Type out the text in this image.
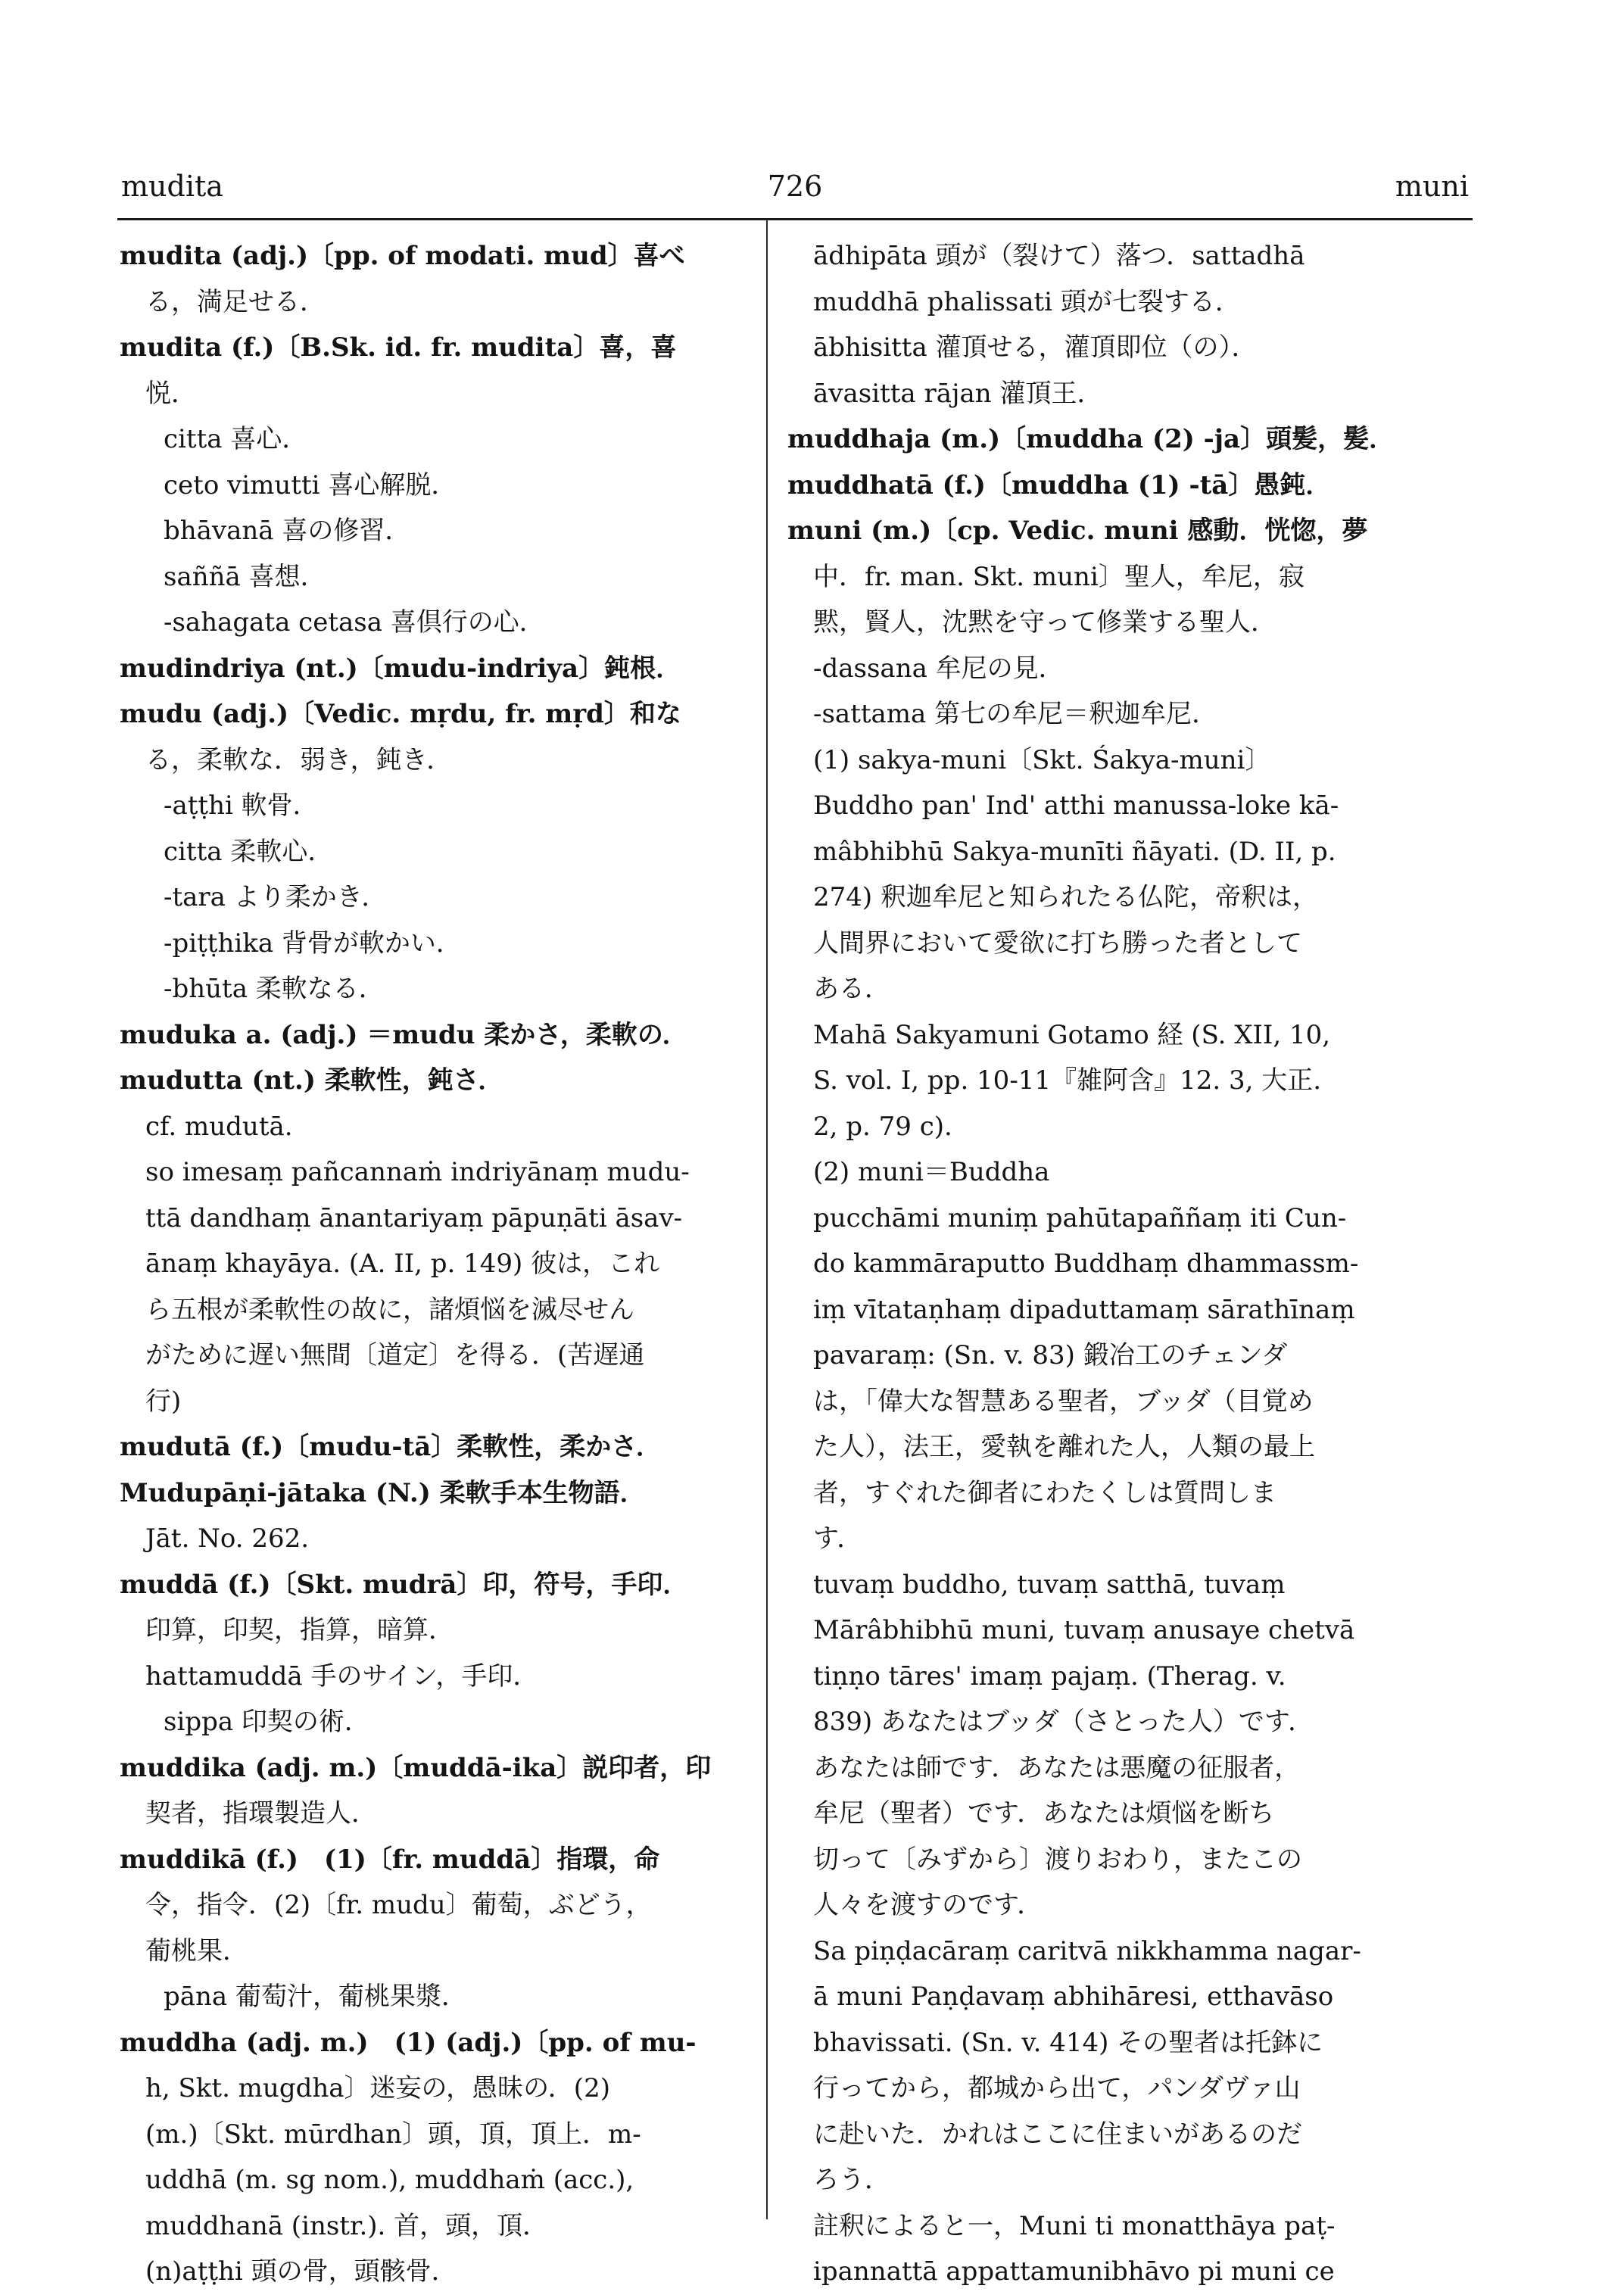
mudita	726	muni
mudita (adj.)〔pp. of modati. mud〕喜べ
る，満足せる．
mudita (f.)〔B.Sk. id. fr. mudita〕喜，喜
悦．
citta 喜心．
ceto vimutti 喜心解脱．
bhāvanā 喜の修習．
saññā 喜想．
-sahagata cetasa 喜倶行の心．
mudindriya (nt.)〔mudu-indriya〕鈍根．
mudu (adj.)〔Vedic. mṛdu, fr. mṛd〕和な
る，柔軟な．弱き，鈍き．
-aṭṭhi 軟骨．
citta 柔軟心．
-tara より柔かき．
-piṭṭhika 背骨が軟かい．
-bhūta 柔軟なる．
muduka a. (adj.) ＝mudu 柔かさ，柔軟の．
mudutta (nt.) 柔軟性，鈍さ．
cf. mudutā.
so imesaṃ pañcannaṁ indriyānaṃ mudu-
ttā dandhaṃ ānantariyaṃ pāpuṇāti āsav-
ānaṃ khayāya. (A. II, p. 149) 彼は，これ
ら五根が柔軟性の故に，諸煩悩を滅尽せん
がために遅い無間〔道定〕を得る．(苦遅通
行)
mudutā (f.)〔mudu-tā〕柔軟性，柔かさ．
Mudupāṇi-jātaka (N.) 柔軟手本生物語．
Jāt. No. 262.
muddā (f.)〔Skt. mudrā〕印，符号，手印．
印算，印契，指算，暗算．
hattamuddā 手のサイン，手印．
sippa 印契の術．
muddika (adj. m.)〔muddā-ika〕説印者，印
契者，指環製造人．
muddikā (f.)　(1)〔fr. muddā〕指環，命
令，指令．(2)〔fr. mudu〕葡萄，ぶどう，
葡桃果．
pāna 葡萄汁，葡桃果漿．
muddha (adj. m.)　(1) (adj.)〔pp. of mu-
h, Skt. mugdha〕迷妄の，愚昧の．(2)
(m.)〔Skt. mūrdhan〕頭，頂，頂上．m-
uddhā (m. sg nom.), muddhaṁ (acc.),
muddhanā (instr.). 首，頭，頂．
(n)aṭṭhi 頭の骨，頭骸骨．
ādhipāta 頭が（裂けて）落つ．sattadhā
muddhā phalissati 頭が七裂する．
ābhisitta 灌頂せる，灌頂即位（の）．
āvasitta rājan 灌頂王．
muddhaja (m.)〔muddha (2) -ja〕頭髪，髪．
muddhatā (f.)〔muddha (1) -tā〕愚鈍．
muni (m.)〔cp. Vedic. muni 感動．恍惚，夢
中．fr. man. Skt. muni〕聖人，牟尼，寂
黙，賢人，沈黙を守って修業する聖人．
-dassana 牟尼の見．
-sattama 第七の牟尼＝釈迦牟尼．
(1) sakya-muni〔Skt. Śakya-muni〕
Buddho pan' Ind' atthi manussa-loke kā-
mâbhibhū Sakya-munīti ñāyati. (D. II, p.
274) 釈迦牟尼と知られたる仏陀，帝釈は，
人間界において愛欲に打ち勝った者として
ある．
Mahā Sakyamuni Gotamo 経 (S. XII, 10,
S. vol. I, pp. 10-11『雑阿含』12. 3, 大正.
2, p. 79 c).
(2) muni＝Buddha
pucchāmi muniṃ pahūtapaññaṃ iti Cun-
do kammāraputto Buddhaṃ dhammassm-
iṃ vītataṇhaṃ dipaduttamaṃ sārathīnaṃ
pavaraṃ: (Sn. v. 83) 鍛冶工のチェンダ
は，「偉大な智慧ある聖者，ブッダ（目覚め
た人），法王，愛執を離れた人，人類の最上
者，すぐれた御者にわたくしは質問しま
す．
tuvaṃ buddho, tuvaṃ satthā, tuvaṃ
Mārâbhibhū muni, tuvaṃ anusaye chetvā
tiṇṇo tāres' imaṃ pajaṃ. (Therag. v.
839) あなたはブッダ（さとった人）です．
あなたは師です．あなたは悪魔の征服者，
牟尼（聖者）です．あなたは煩悩を断ち
切って〔みずから〕渡りおわり，またこの
人々を渡すのです．
Sa piṇḍacāraṃ caritvā nikkhamma nagar-
ā muni Paṇḍavaṃ abhihāresi, etthavāso
bhavissati. (Sn. v. 414) その聖者は托鉢に
行ってから，都城から出て，パンダヴァ山
に赴いた．かれはここに住まいがあるのだ
ろう．
註釈によると一，Muni ti monatthāya paṭ-
ipannattā appattamunibhāvo pi muni ce
